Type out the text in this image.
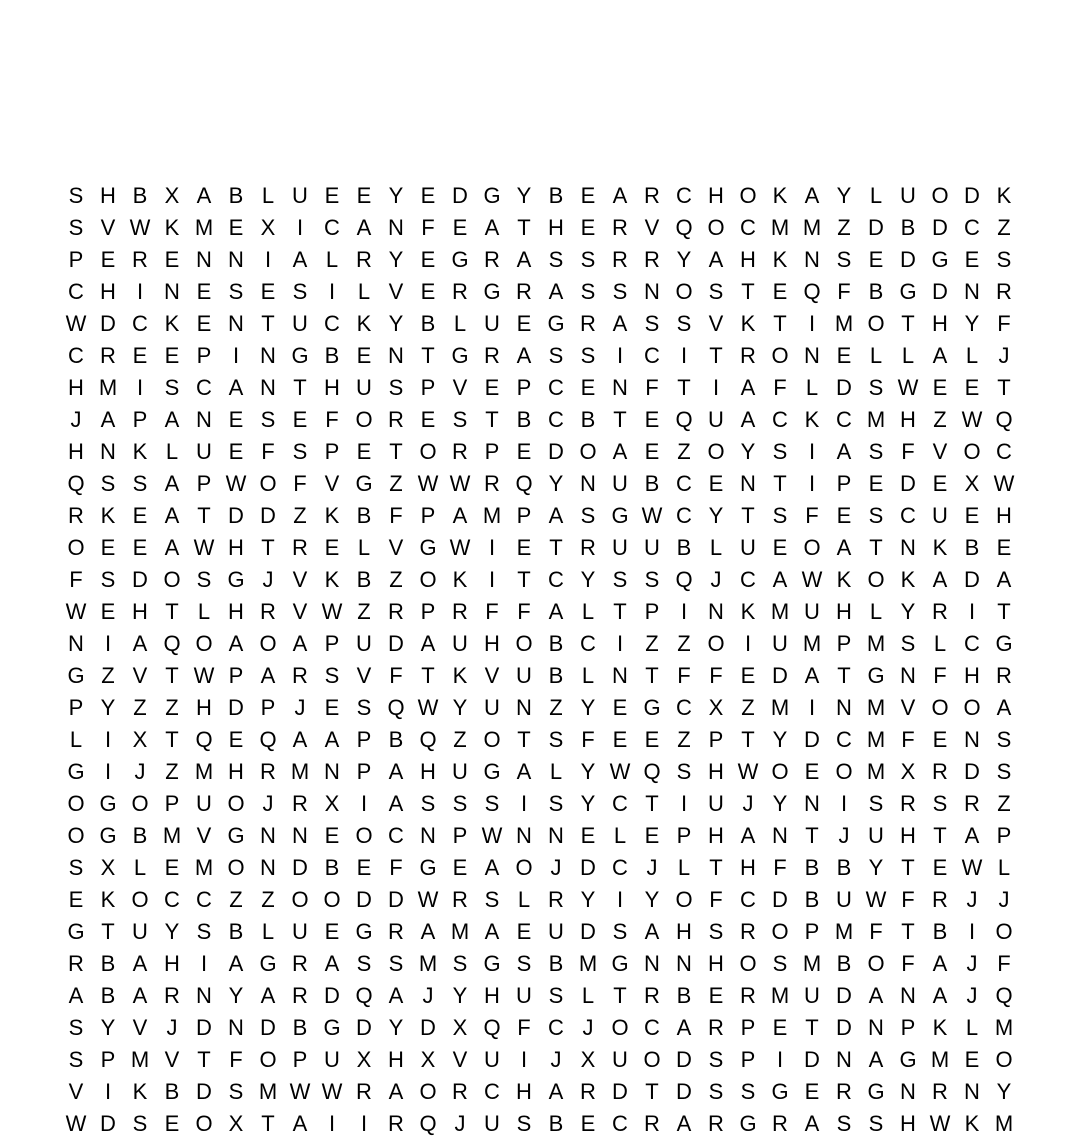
S H B X A B L U E E Y E D G Y B E A R C H O K A Y L U O D K
S V W K M E X I C A N F E A T H E R V Q O C M M Z D B D C Z
P E R E N N I A L R Y E G R A S S R R Y A H K N S E D G E S
C H I N E S E S I	L V E R G R A S S N O S T E Q F B G D N R
W D C K E N T U C K Y B L U E G R A S S V K T	I M O T H Y F
C R E E P I N G B E N T G R A S S I C I	T R O N E L L A L J
H M I S C A N T H U S P V E P C E N F T	I A F L D S W E E T
J A P A N E S E F O R E S T B C B T E Q U A C K C M H Z W Q
H N K L U E F S P E T O R P E D O A E Z O Y S I A S F V O C
Q S S A P W O F V G Z W W R Q Y N U B C E N T	I P E D E X W
R K E A T D D Z K B F P A M P A S G W C Y T S F E S C U E H
O E E A W H T R E L V G W I E T R U U B L U E O A T N K B E
F S D O S G J V K B Z O K I	T C Y S S Q J C A W K O K A D A
W E H T L H R V W Z R P R F F A L T P I N K M U H L Y R I	T
N I A Q O A O A P U D A U H O B C I	Z Z O I U M P M S L C G
G Z V T W P A R S V F T K V U B L N T F F E D A T G N F H R
P Y Z Z H D P J E S Q W Y U N Z Y E G C X Z M I N M V O O A
L	I X T Q E Q A A P B Q Z O T S F E E Z P T Y D C M F E N S
G I	J Z M H R M N P A H U G A L Y W Q S H W O E O M X R D S
O G O P U O J R X I A S S S I S Y C T	I U J Y N I S R S R Z
O G B M V G N N E O C N P W N N E L E P H A N T J U H T A P
S X L E M O N D B E F G E A O J D C J L T H F B B Y T E W L
E K O C C Z Z O O D D W R S L R Y I Y O F C D B U W F R J J
G T U Y S B L U E G R A M A E U D S A H S R O P M F T B I O
R B A H I A G R A S S M S G S B M G N N H O S M B O F A J F
A B A R N Y A R D Q A J Y H U S L T R B E R M U D A N A J Q
S Y V J D N D B G D Y D X Q F C J O C A R P E T D N P K L M
S P M V T F O P U X H X V U I	J X U O D S P I D N A G M E O
V I K B D S M W W R A O R C H A R D T D S S G E R G N R N Y
W D S E O X T A I	I R Q J U S B E C R A R G R A S S H W K M
